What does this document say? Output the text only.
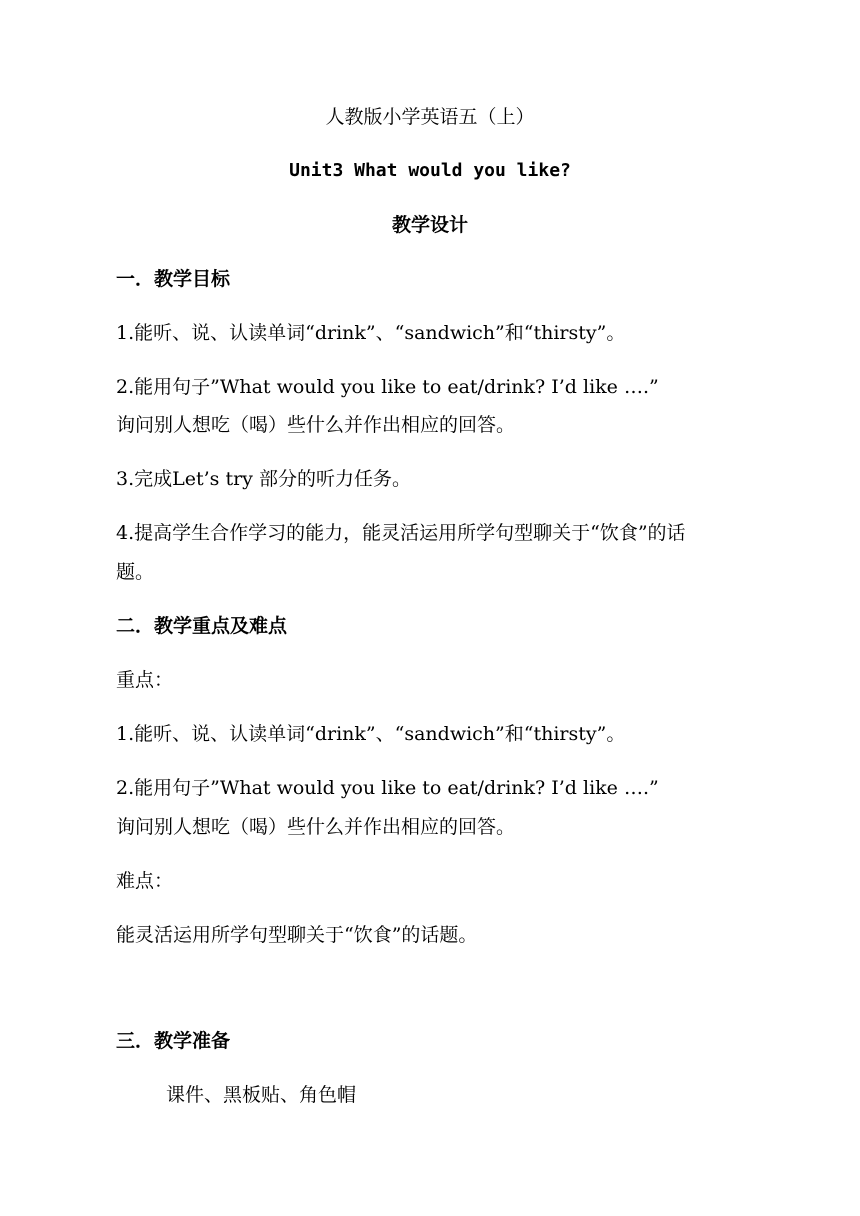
人教版小学英语五（上）
Unit3 What would you like?
教学设计
一．教学目标
1.能听、说、认读单词“drink”、“sandwich”和“thirsty”。
2.能用句子”What would you like to eat/drink? I’d like ….”
询问别人想吃（喝）些什么并作出相应的回答。
3.完成Let’s try 部分的听力任务。
4.提高学生合作学习的能力，能灵活运用所学句型聊关于“饮食”的话
题。
二．教学重点及难点
重点：
1.能听、说、认读单词“drink”、“sandwich”和“thirsty”。
2.能用句子”What would you like to eat/drink? I’d like ….”
询问别人想吃（喝）些什么并作出相应的回答。
难点：
能灵活运用所学句型聊关于“饮食”的话题。
三．教学准备
课件、黑板贴、角色帽
